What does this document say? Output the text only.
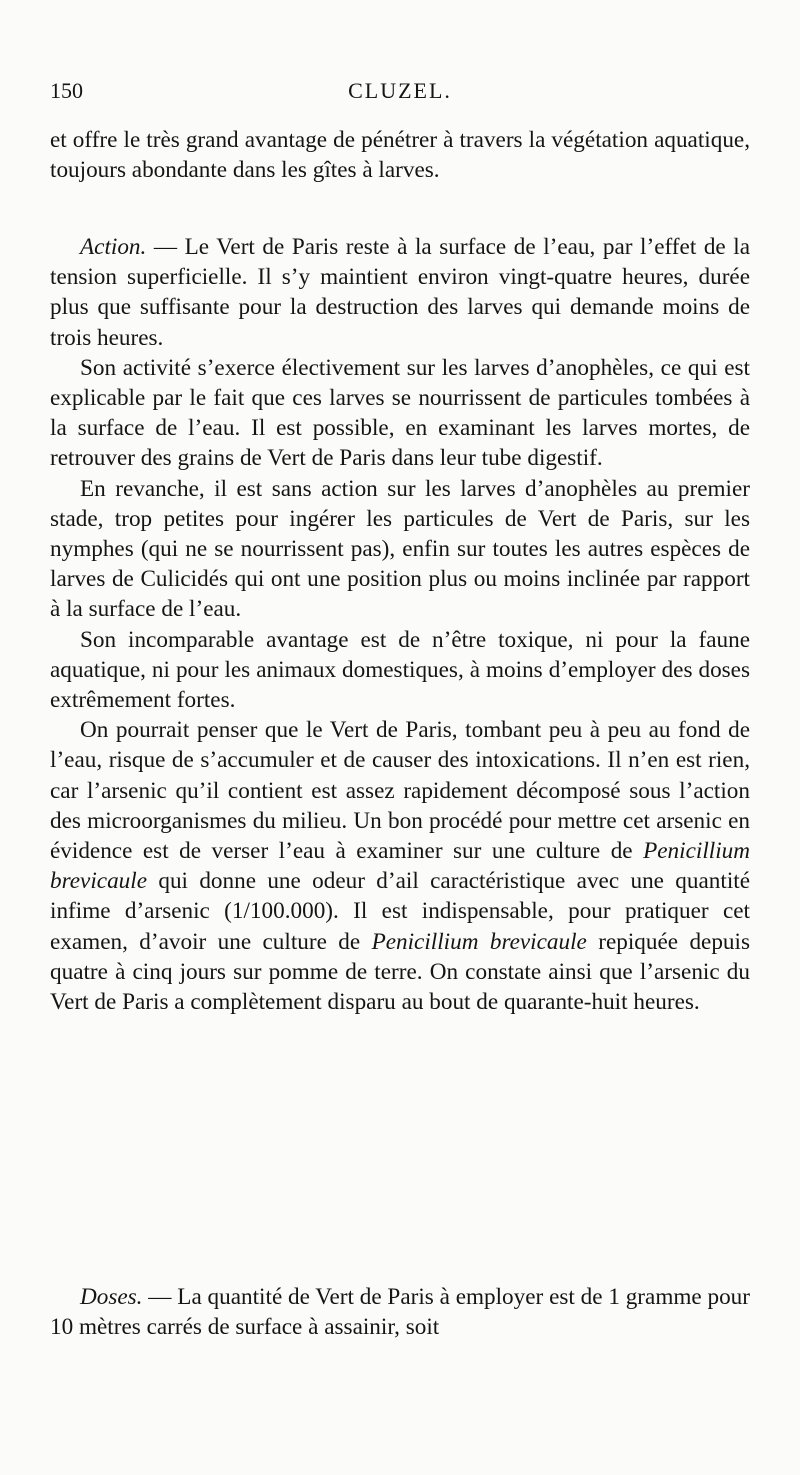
150	CLUZEL.

et offre le très grand avantage de pénétrer à travers la végétation aquatique, toujours abondante dans les gîtes à larves.

Action. — Le Vert de Paris reste à la surface de l’eau, par l’effet de la tension superficielle. Il s’y maintient environ vingt-quatre heures, durée plus que suffisante pour la destruction des larves qui demande moins de trois heures.

Son activité s’exerce électivement sur les larves d’anophèles, ce qui est explicable par le fait que ces larves se nourrissent de particules tombées à la surface de l’eau. Il est possible, en examinant les larves mortes, de retrouver des grains de Vert de Paris dans leur tube digestif.

En revanche, il est sans action sur les larves d’anophèles au premier stade, trop petites pour ingérer les particules de Vert de Paris, sur les nymphes (qui ne se nourrissent pas), enfin sur toutes les autres espèces de larves de Culicidés qui ont une position plus ou moins inclinée par rapport à la surface de l’eau.

Son incomparable avantage est de n’être toxique, ni pour la faune aquatique, ni pour les animaux domestiques, à moins d’employer des doses extrêmement fortes.

On pourrait penser que le Vert de Paris, tombant peu à peu au fond de l’eau, risque de s’accumuler et de causer des intoxications. Il n’en est rien, car l’arsenic qu’il contient est assez rapidement décomposé sous l’action des microorganismes du milieu. Un bon procédé pour mettre cet arsenic en évidence est de verser l’eau à examiner sur une culture de Penicillium brevicaule qui donne une odeur d’ail caractéristique avec une quantité infime d’arsenic (1/100.000). Il est indispensable, pour pratiquer cet examen, d’avoir une culture de Penicillium brevicaule repiquée depuis quatre à cinq jours sur pomme de terre. On constate ainsi que l’arsenic du Vert de Paris a complètement disparu au bout de quarante-huit heures.

Doses. — La quantité de Vert de Paris à employer est de 1 gramme pour 10 mètres carrés de surface à assainir, soit
